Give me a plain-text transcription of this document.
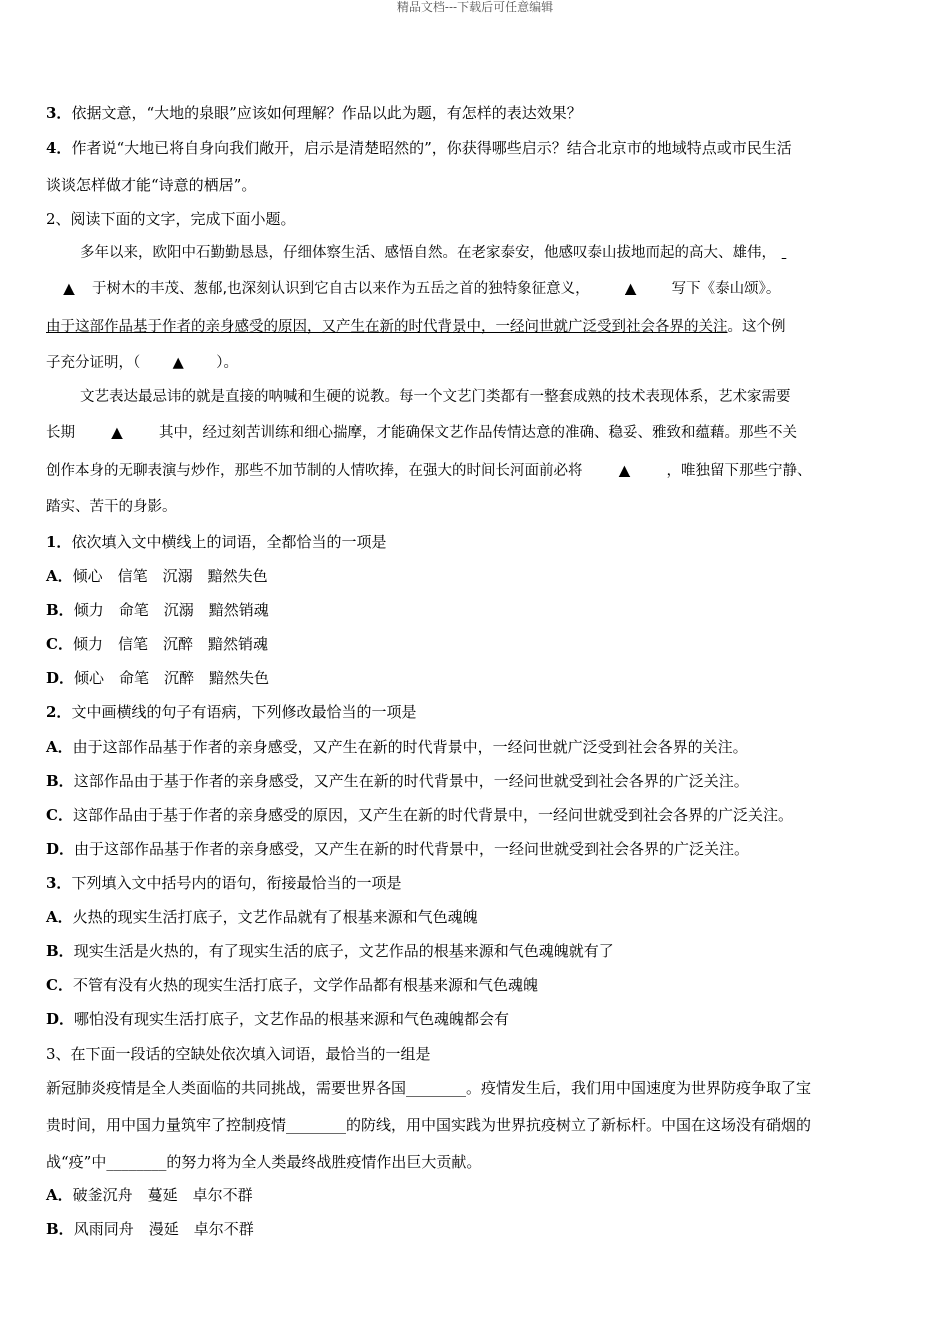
精品文档---下载后可任意编辑
3．依据文意，“大地的泉眼”应该如何理解？作品以此为题，有怎样的表达效果？
4．作者说“大地已将自身向我们敞开，启示是清楚昭然的”，你获得哪些启示？结合北京市的地域特点或市民生活
谈谈怎样做才能“诗意的栖居”。
2、阅读下面的文字，完成下面小题。
多年以来，欧阳中石勤勤恳恳，仔细体察生活、感悟自然。在老家泰安，他感叹泰山拔地而起的高大、雄伟，
▲ 于树木的丰茂、葱郁,也深刻认识到它自古以来作为五岳之首的独特象征意义， ▲ 写下《泰山颂》。
由于这部作品基于作者的亲身感受的原因，又产生在新的时代背景中，一经问世就广泛受到社会各界的关注。这个例
子充分证明，（ ▲ ）。
文艺表达最忌讳的就是直接的呐喊和生硬的说教。每一个文艺门类都有一整套成熟的技术表现体系，艺术家需要
长期	▲	其中，经过刻苦训练和细心揣摩，才能确保文艺作品传情达意的准确、稳妥、雅致和蕴藉。那些不关
创作本身的无聊表演与炒作，那些不加节制的人情吹捧，在强大的时间长河面前必将	▲	，唯独留下那些宁静、
踏实、苦干的身影。
1．依次填入文中横线上的词语，全都恰当的一项是
A．倾心　信笔　沉溺　黯然失色
B．倾力　命笔　沉溺　黯然销魂
C．倾力　信笔　沉醉　黯然销魂
D．倾心　命笔　沉醉　黯然失色
2．文中画横线的句子有语病，下列修改最恰当的一项是
A．由于这部作品基于作者的亲身感受，又产生在新的时代背景中，一经问世就广泛受到社会各界的关注。
B．这部作品由于基于作者的亲身感受，又产生在新的时代背景中，一经问世就受到社会各界的广泛关注。
C．这部作品由于基于作者的亲身感受的原因，又产生在新的时代背景中，一经问世就受到社会各界的广泛关注。
D．由于这部作品基于作者的亲身感受，又产生在新的时代背景中，一经问世就受到社会各界的广泛关注。
3．下列填入文中括号内的语句，衔接最恰当的一项是
A．火热的现实生活打底子，文艺作品就有了根基来源和气色魂魄
B．现实生活是火热的，有了现实生活的底子，文艺作品的根基来源和气色魂魄就有了
C．不管有没有火热的现实生活打底子，文学作品都有根基来源和气色魂魄
D．哪怕没有现实生活打底子，文艺作品的根基来源和气色魂魄都会有
3、在下面一段话的空缺处依次填入词语，最恰当的一组是
新冠肺炎疫情是全人类面临的共同挑战，需要世界各国________。疫情发生后，我们用中国速度为世界防疫争取了宝
贵时间，用中国力量筑牢了控制疫情________的防线，用中国实践为世界抗疫树立了新标杆。中国在这场没有硝烟的
战“疫”中________的努力将为全人类最终战胜疫情作出巨大贡献。
A．破釜沉舟　蔓延　卓尔不群
B．风雨同舟　漫延　卓尔不群
